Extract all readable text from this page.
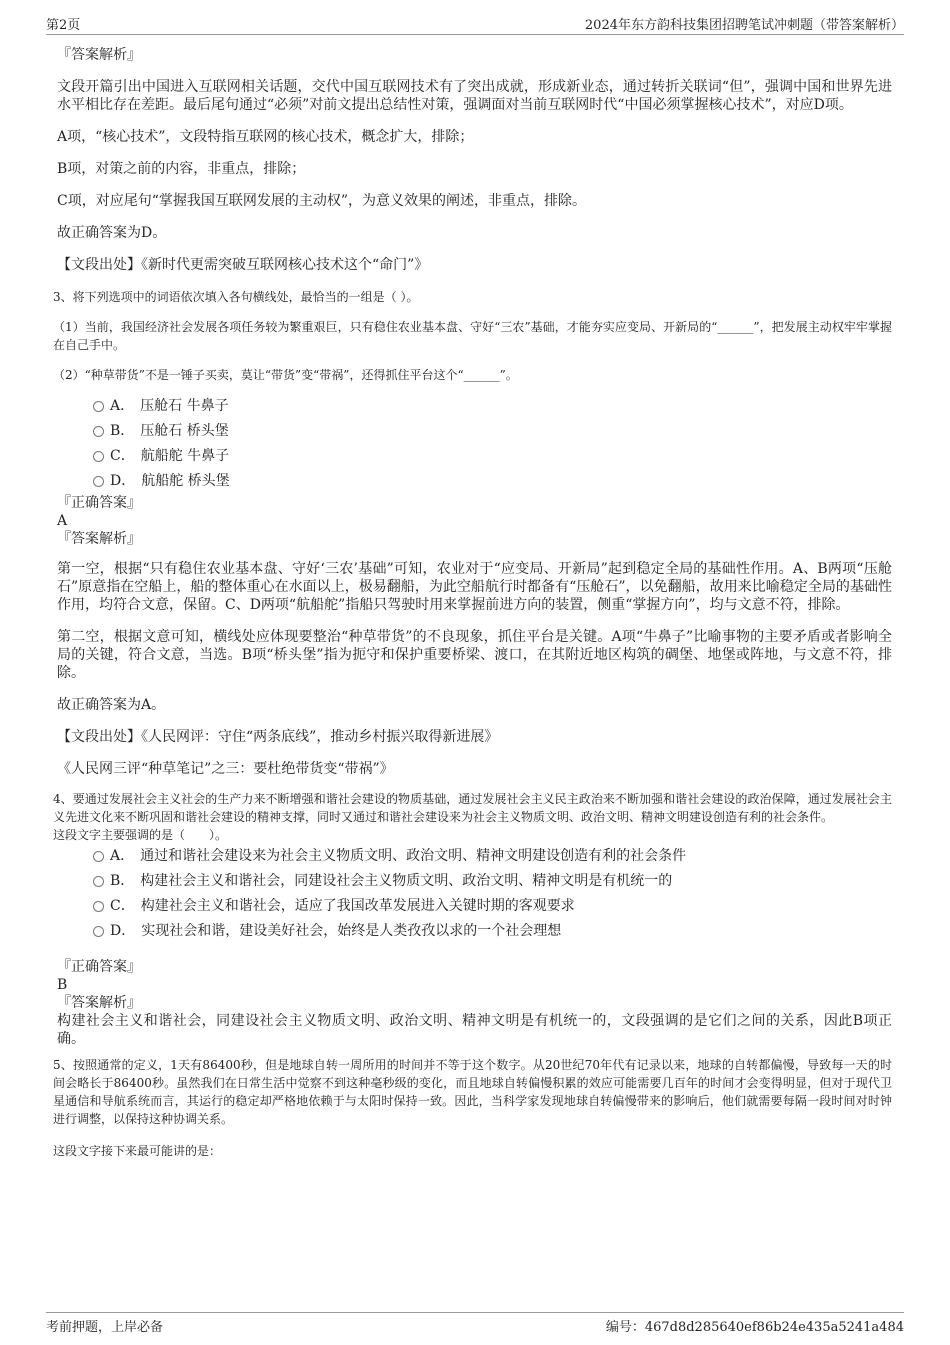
第2页	2024年东方韵科技集团招聘笔试冲刺题（带答案解析）

『答案解析』

文段开篇引出中国进入互联网相关话题，交代中国互联网技术有了突出成就，形成新业态，通过转折关联词“但”，强调中国和世界先进水平相比存在差距。最后尾句通过“必须”对前文提出总结性对策，强调面对当前互联网时代“中国必须掌握核心技术”，对应D项。

A项，“核心技术”，文段特指互联网的核心技术，概念扩大，排除；

B项，对策之前的内容，非重点，排除；

C项，对应尾句“掌握我国互联网发展的主动权”，为意义效果的阐述，非重点，排除。

故正确答案为D。

【文段出处】《新时代更需突破互联网核心技术这个“命门”》

3、将下列选项中的词语依次填入各句横线处，最恰当的一组是（ ）。

（1）当前，我国经济社会发展各项任务较为繁重艰巨，只有稳住农业基本盘、守好“三农”基础，才能夯实应变局、开新局的“______”，把发展主动权牢牢掌握在自己手中。

（2）“种草带货”不是一锤子买卖，莫让“带货”变“带祸”，还得抓住平台这个“______”。

A． 压舱石 牛鼻子
B． 压舱石 桥头堡
C． 航船舵 牛鼻子
D． 航船舵 桥头堡

『正确答案』

A

『答案解析』

第一空，根据“只有稳住农业基本盘、守好‘三农’基础”可知，农业对于“应变局、开新局”起到稳定全局的基础性作用。A、B两项“压舱石”原意指在空船上，船的整体重心在水面以上，极易翻船，为此空船航行时都备有“压舱石”，以免翻船，故用来比喻稳定全局的基础性作用，均符合文意，保留。C、D两项“航船舵”指船只驾驶时用来掌握前进方向的装置，侧重“掌握方向”，均与文意不符，排除。

第二空，根据文意可知，横线处应体现要整治“种草带货”的不良现象，抓住平台是关键。A项“牛鼻子”比喻事物的主要矛盾或者影响全局的关键，符合文意，当选。B项“桥头堡”指为扼守和保护重要桥梁、渡口，在其附近地区构筑的碉堡、地堡或阵地，与文意不符，排除。

故正确答案为A。

【文段出处】《人民网评：守住“两条底线”，推动乡村振兴取得新进展》

《人民网三评“种草笔记”之三：要杜绝带货变“带祸”》

4、要通过发展社会主义社会的生产力来不断增强和谐社会建设的物质基础，通过发展社会主义民主政治来不断加强和谐社会建设的政治保障，通过发展社会主义先进文化来不断巩固和谐社会建设的精神支撑，同时又通过和谐社会建设来为社会主义物质文明、政治文明、精神文明建设创造有利的社会条件。

这段文字主要强调的是（　　）。

A． 通过和谐社会建设来为社会主义物质文明、政治文明、精神文明建设创造有利的社会条件
B． 构建社会主义和谐社会，同建设社会主义物质文明、政治文明、精神文明是有机统一的
C． 构建社会主义和谐社会，适应了我国改革发展进入关键时期的客观要求
D． 实现社会和谐，建设美好社会，始终是人类孜孜以求的一个社会理想

『正确答案』

B

『答案解析』

构建社会主义和谐社会，同建设社会主义物质文明、政治文明、精神文明是有机统一的，文段强调的是它们之间的关系，因此B项正确。

5、按照通常的定义，1天有86400秒，但是地球自转一周所用的时间并不等于这个数字。从20世纪70年代有记录以来，地球的自转都偏慢，导致每一天的时间会略长于86400秒。虽然我们在日常生活中觉察不到这种毫秒级的变化，而且地球自转偏慢积累的效应可能需要几百年的时间才会变得明显，但对于现代卫星通信和导航系统而言，其运行的稳定却严格地依赖于与太阳时保持一致。因此，当科学家发现地球自转偏慢带来的影响后，他们就需要每隔一段时间对时钟进行调整，以保持这种协调关系。

这段文字接下来最可能讲的是：

考前押题，上岸必备	编号：467d8d285640ef86b24e435a5241a484
